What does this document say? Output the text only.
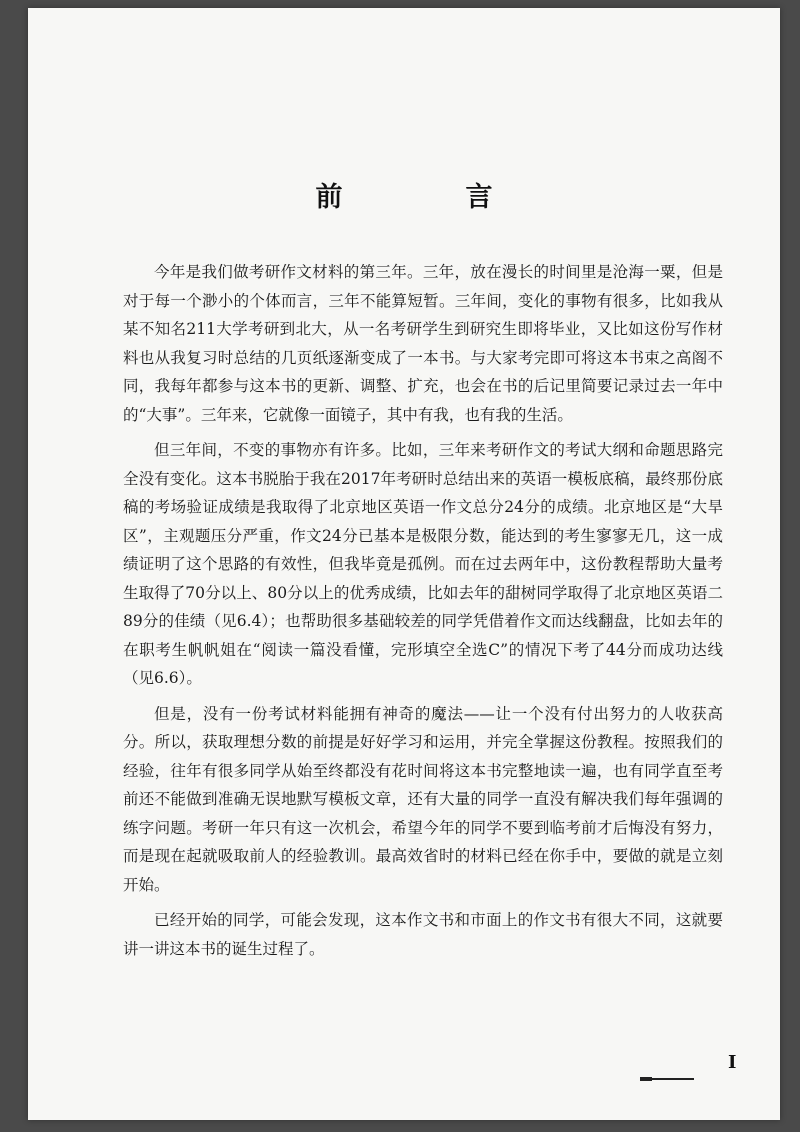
前　言

今年是我们做考研作文材料的第三年。三年，放在漫长的时间里是沧海一粟，但是对于每一个渺小的个体而言，三年不能算短暂。三年间，变化的事物有很多，比如我从某不知名211大学考研到北大，从一名考研学生到研究生即将毕业，又比如这份写作材料也从我复习时总结的几页纸逐渐变成了一本书。与大家考完即可将这本书束之高阁不同，我每年都参与这本书的更新、调整、扩充，也会在书的后记里简要记录过去一年中的“大事”。三年来，它就像一面镜子，其中有我，也有我的生活。

但三年间，不变的事物亦有许多。比如，三年来考研作文的考试大纲和命题思路完全没有变化。这本书脱胎于我在2017年考研时总结出来的英语一模板底稿，最终那份底稿的考场验证成绩是我取得了北京地区英语一作文总分24分的成绩。北京地区是“大旱区”，主观题压分严重，作文24分已基本是极限分数，能达到的考生寥寥无几，这一成绩证明了这个思路的有效性，但我毕竟是孤例。而在过去两年中，这份教程帮助大量考生取得了70分以上、80分以上的优秀成绩，比如去年的甜树同学取得了北京地区英语二89分的佳绩（见6.4）；也帮助很多基础较差的同学凭借着作文而达线翻盘，比如去年的在职考生帆帆姐在“阅读一篇没看懂，完形填空全选C”的情况下考了44分而成功达线（见6.6）。

但是，没有一份考试材料能拥有神奇的魔法——让一个没有付出努力的人收获高分。所以，获取理想分数的前提是好好学习和运用，并完全掌握这份教程。按照我们的经验，往年有很多同学从始至终都没有花时间将这本书完整地读一遍，也有同学直至考前还不能做到准确无误地默写模板文章，还有大量的同学一直没有解决我们每年强调的练字问题。考研一年只有这一次机会，希望今年的同学不要到临考前才后悔没有努力，而是现在起就吸取前人的经验教训。最高效省时的材料已经在你手中，要做的就是立刻开始。

已经开始的同学，可能会发现，这本作文书和市面上的作文书有很大不同，这就要讲一讲这本书的诞生过程了。

I
